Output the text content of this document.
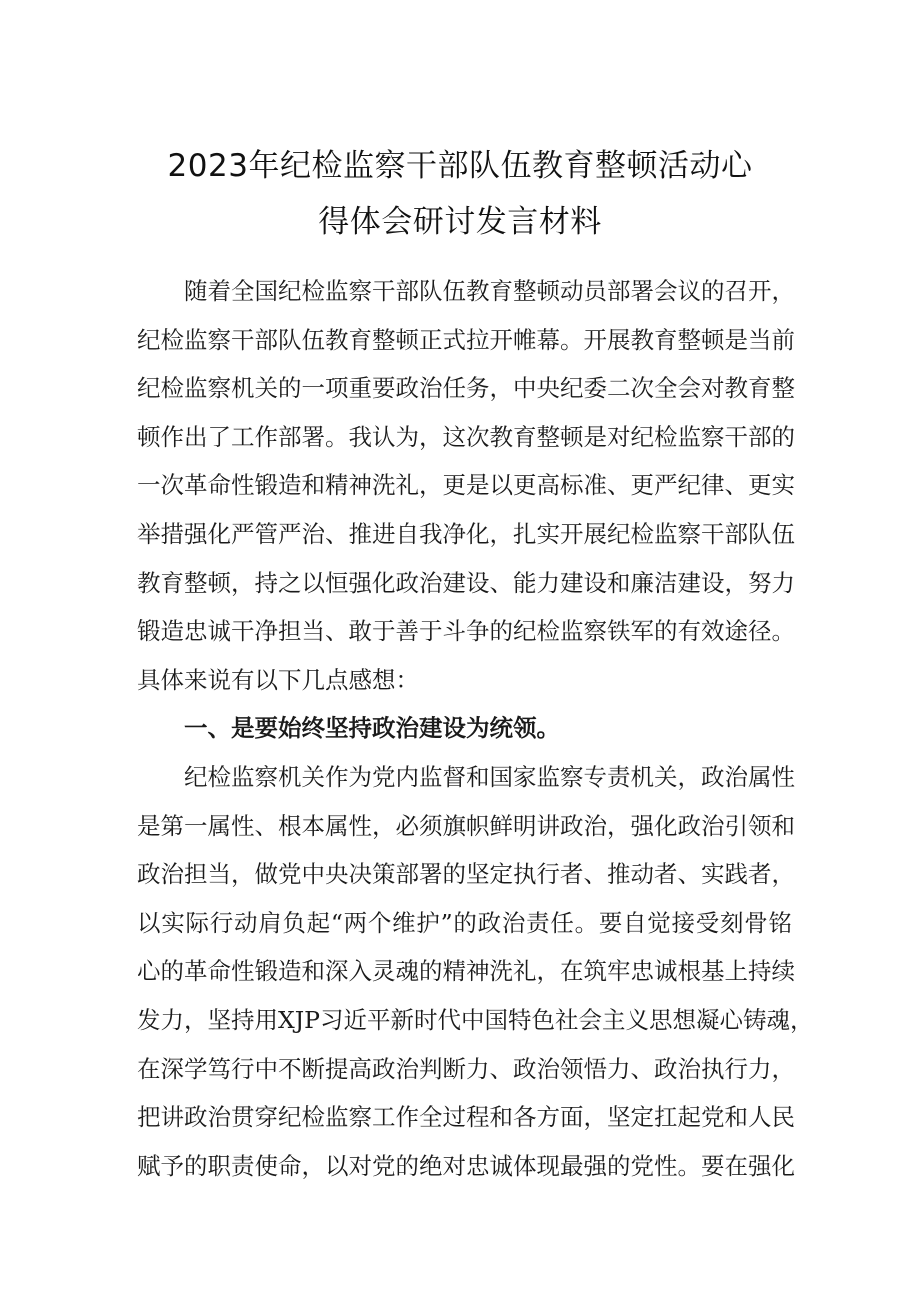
2023年纪检监察干部队伍教育整顿活动心
得体会研讨发言材料
随着全国纪检监察干部队伍教育整顿动员部署会议的召开，
纪检监察干部队伍教育整顿正式拉开帷幕。开展教育整顿是当前
纪检监察机关的一项重要政治任务，中央纪委二次全会对教育整
顿作出了工作部署。我认为，这次教育整顿是对纪检监察干部的
一次革命性锻造和精神洗礼，更是以更高标准、更严纪律、更实
举措强化严管严治、推进自我净化，扎实开展纪检监察干部队伍
教育整顿，持之以恒强化政治建设、能力建设和廉洁建设，努力
锻造忠诚干净担当、敢于善于斗争的纪检监察铁军的有效途径。
具体来说有以下几点感想：
一、是要始终坚持政治建设为统领。
纪检监察机关作为党内监督和国家监察专责机关，政治属性
是第一属性、根本属性，必须旗帜鲜明讲政治，强化政治引领和
政治担当，做党中央决策部署的坚定执行者、推动者、实践者，
以实际行动肩负起“两个维护”的政治责任。要自觉接受刻骨铭
心的革命性锻造和深入灵魂的精神洗礼，在筑牢忠诚根基上持续
发力，坚持用XJP习近平新时代中国特色社会主义思想凝心铸魂，
在深学笃行中不断提高政治判断力、政治领悟力、政治执行力，
把讲政治贯穿纪检监察工作全过程和各方面，坚定扛起党和人民
赋予的职责使命，以对党的绝对忠诚体现最强的党性。要在强化
